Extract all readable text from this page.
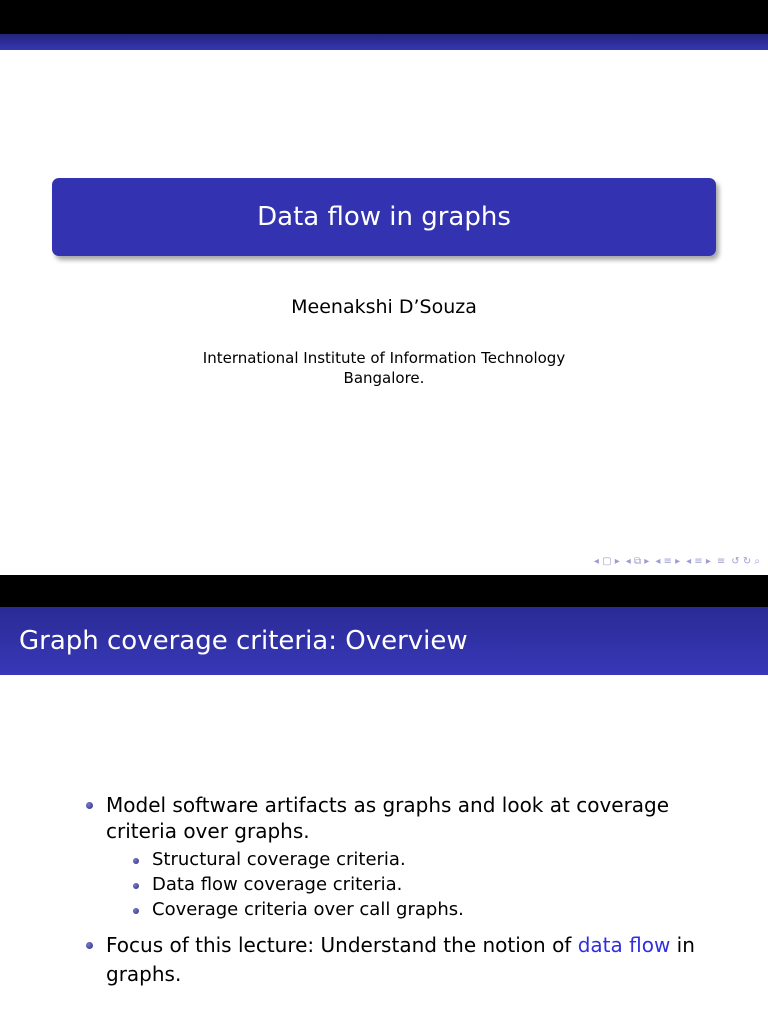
Data flow in graphs
Meenakshi D’Souza
International Institute of Information Technology
Bangalore.
◂ ▢ ▸ ◂ ⧉ ▸ ◂ ≡ ▸ ◂ ≡ ▸ ≡ ↺ ↻ ⌕
Graph coverage criteria: Overview
Model software artifacts as graphs and look at coverage
criteria over graphs.
Structural coverage criteria.
Data flow coverage criteria.
Coverage criteria over call graphs.
Focus of this lecture: Understand the notion of data flow in
graphs.
